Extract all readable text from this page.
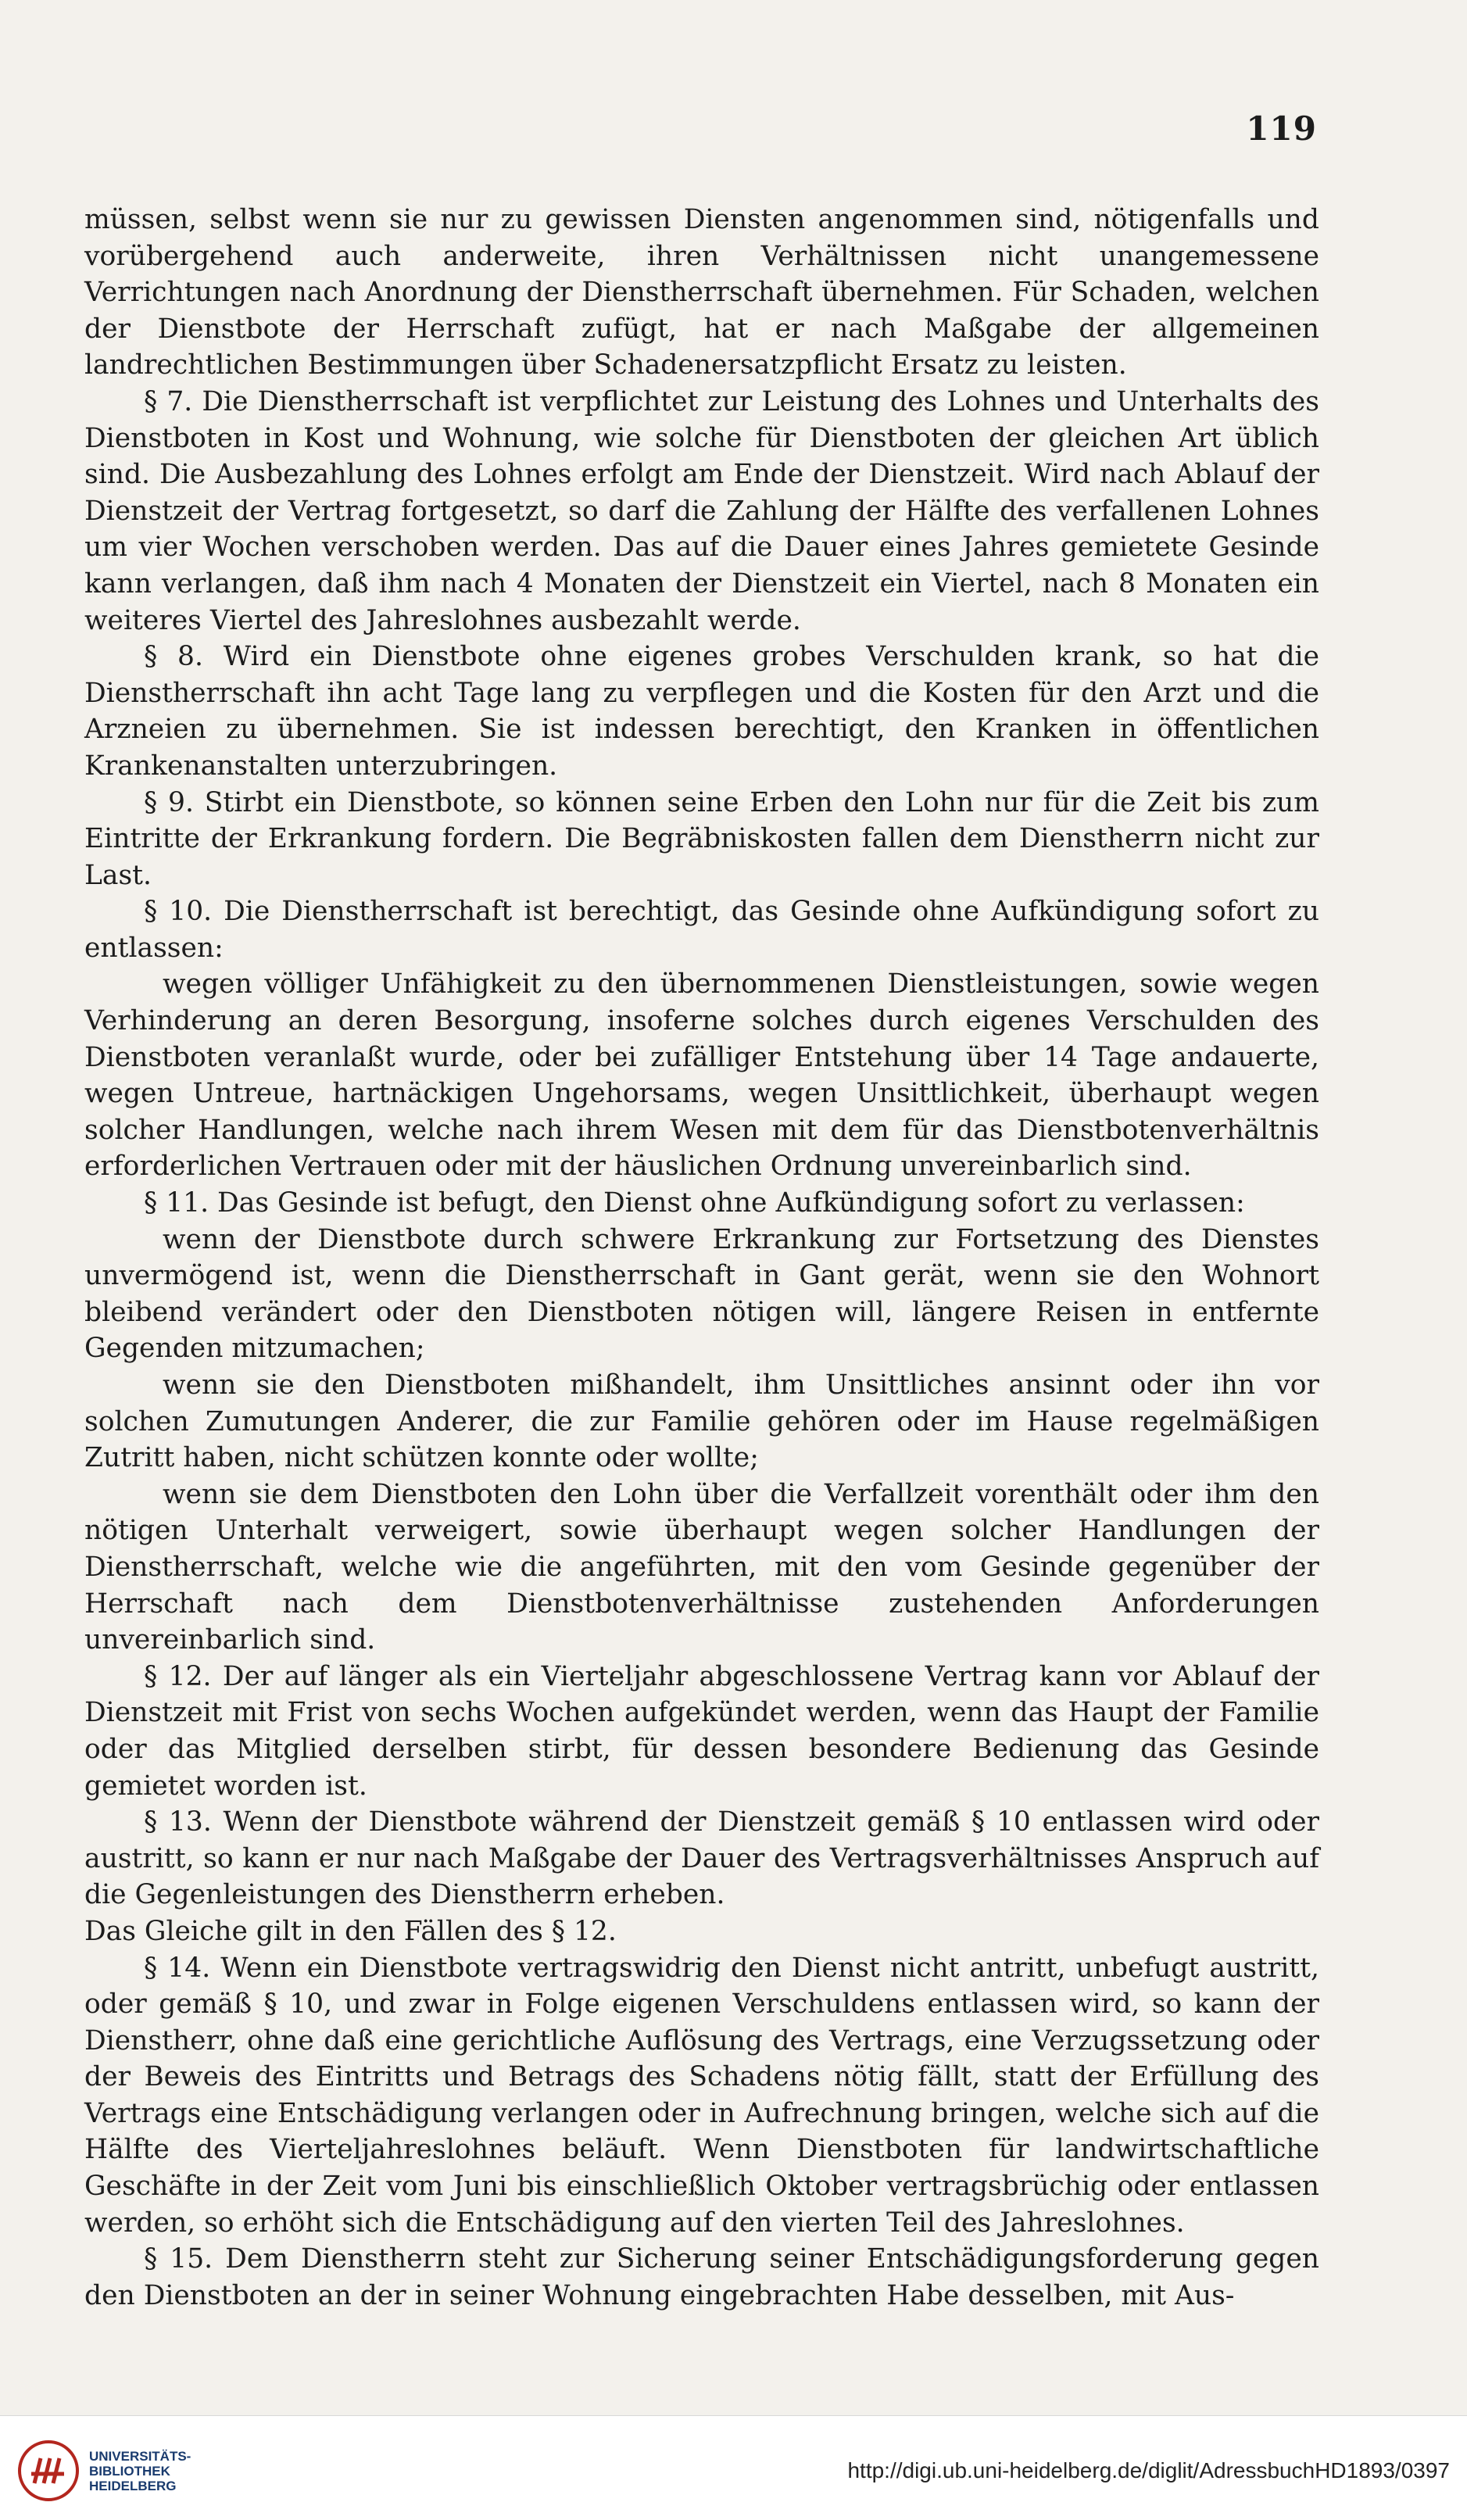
119

müssen, selbst wenn sie nur zu gewissen Diensten angenommen sind, nötigenfalls und vorübergehend auch anderweite, ihren Verhältnissen nicht unangemessene Verrichtungen nach Anordnung der Dienstherrschaft übernehmen. Für Schaden, welchen der Dienstbote der Herrschaft zufügt, hat er nach Maßgabe der allgemeinen landrechtlichen Bestimmungen über Schadenersatzpflicht Ersatz zu leisten.

§ 7. Die Dienstherrschaft ist verpflichtet zur Leistung des Lohnes und Unterhalts des Dienstboten in Kost und Wohnung, wie solche für Dienstboten der gleichen Art üblich sind. Die Ausbezahlung des Lohnes erfolgt am Ende der Dienstzeit. Wird nach Ablauf der Dienstzeit der Vertrag fortgesetzt, so darf die Zahlung der Hälfte des verfallenen Lohnes um vier Wochen verschoben werden. Das auf die Dauer eines Jahres gemietete Gesinde kann verlangen, daß ihm nach 4 Monaten der Dienstzeit ein Viertel, nach 8 Monaten ein weiteres Viertel des Jahreslohnes ausbezahlt werde.

§ 8. Wird ein Dienstbote ohne eigenes grobes Verschulden krank, so hat die Dienstherrschaft ihn acht Tage lang zu verpflegen und die Kosten für den Arzt und die Arzneien zu übernehmen. Sie ist indessen berechtigt, den Kranken in öffentlichen Krankenanstalten unterzubringen.

§ 9. Stirbt ein Dienstbote, so können seine Erben den Lohn nur für die Zeit bis zum Eintritte der Erkrankung fordern. Die Begräbniskosten fallen dem Dienstherrn nicht zur Last.

§ 10. Die Dienstherrschaft ist berechtigt, das Gesinde ohne Aufkündigung sofort zu entlassen:

wegen völliger Unfähigkeit zu den übernommenen Dienstleistungen, sowie wegen Verhinderung an deren Besorgung, insoferne solches durch eigenes Verschulden des Dienstboten veranlaßt wurde, oder bei zufälliger Entstehung über 14 Tage andauerte, wegen Untreue, hartnäckigen Ungehorsams, wegen Unsittlichkeit, überhaupt wegen solcher Handlungen, welche nach ihrem Wesen mit dem für das Dienstbotenverhältnis erforderlichen Vertrauen oder mit der häuslichen Ordnung unvereinbarlich sind.

§ 11. Das Gesinde ist befugt, den Dienst ohne Aufkündigung sofort zu verlassen:

wenn der Dienstbote durch schwere Erkrankung zur Fortsetzung des Dienstes unvermögend ist, wenn die Dienstherrschaft in Gant gerät, wenn sie den Wohnort bleibend verändert oder den Dienstboten nötigen will, längere Reisen in entfernte Gegenden mitzumachen;

wenn sie den Dienstboten mißhandelt, ihm Unsittliches ansinnt oder ihn vor solchen Zumutungen Anderer, die zur Familie gehören oder im Hause regelmäßigen Zutritt haben, nicht schützen konnte oder wollte;

wenn sie dem Dienstboten den Lohn über die Verfallzeit vorenthält oder ihm den nötigen Unterhalt verweigert, sowie überhaupt wegen solcher Handlungen der Dienstherrschaft, welche wie die angeführten, mit den vom Gesinde gegenüber der Herrschaft nach dem Dienstbotenverhältnisse zustehenden Anforderungen unvereinbarlich sind.

§ 12. Der auf länger als ein Vierteljahr abgeschlossene Vertrag kann vor Ablauf der Dienstzeit mit Frist von sechs Wochen aufgekündet werden, wenn das Haupt der Familie oder das Mitglied derselben stirbt, für dessen besondere Bedienung das Gesinde gemietet worden ist.

§ 13. Wenn der Dienstbote während der Dienstzeit gemäß § 10 entlassen wird oder austritt, so kann er nur nach Maßgabe der Dauer des Vertragsverhältnisses Anspruch auf die Gegenleistungen des Dienstherrn erheben.

Das Gleiche gilt in den Fällen des § 12.

§ 14. Wenn ein Dienstbote vertragswidrig den Dienst nicht antritt, unbefugt austritt, oder gemäß § 10, und zwar in Folge eigenen Verschuldens entlassen wird, so kann der Dienstherr, ohne daß eine gerichtliche Auflösung des Vertrags, eine Verzugssetzung oder der Beweis des Eintritts und Betrags des Schadens nötig fällt, statt der Erfüllung des Vertrags eine Entschädigung verlangen oder in Aufrechnung bringen, welche sich auf die Hälfte des Vierteljahreslohnes beläuft. Wenn Dienstboten für landwirtschaftliche Geschäfte in der Zeit vom Juni bis einschließlich Oktober vertragsbrüchig oder entlassen werden, so erhöht sich die Entschädigung auf den vierten Teil des Jahreslohnes.

§ 15. Dem Dienstherrn steht zur Sicherung seiner Entschädigungsforderung gegen den Dienstboten an der in seiner Wohnung eingebrachten Habe desselben, mit Aus-

UNIVERSITÄTS-
BIBLIOTHEK
HEIDELBERG
http://digi.ub.uni-heidelberg.de/diglit/AdressbuchHD1893/0397
